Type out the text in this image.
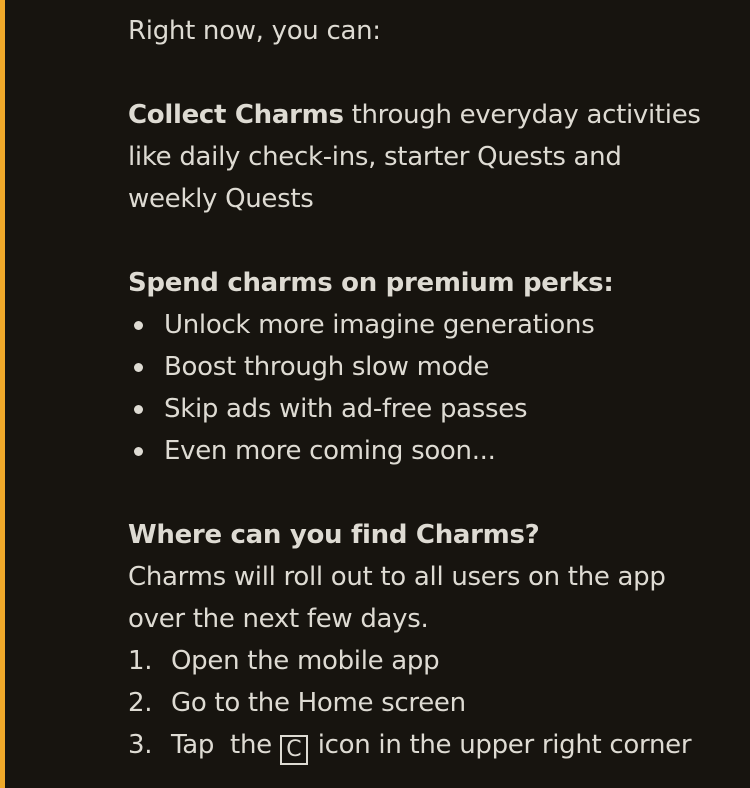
Right now, you can:

Collect Charms through everyday activities

like daily check-ins, starter Quests and

weekly Quests

Spend charms on premium perks:

Unlock more imagine generations
Boost through slow mode
Skip ads with ad-free passes
Even more coming soon...

Where can you find Charms?

Charms will roll out to all users on the app

over the next few days.

1. Open the mobile app
2. Go to the Home screen
3. Tap  the C icon in the upper right corner
